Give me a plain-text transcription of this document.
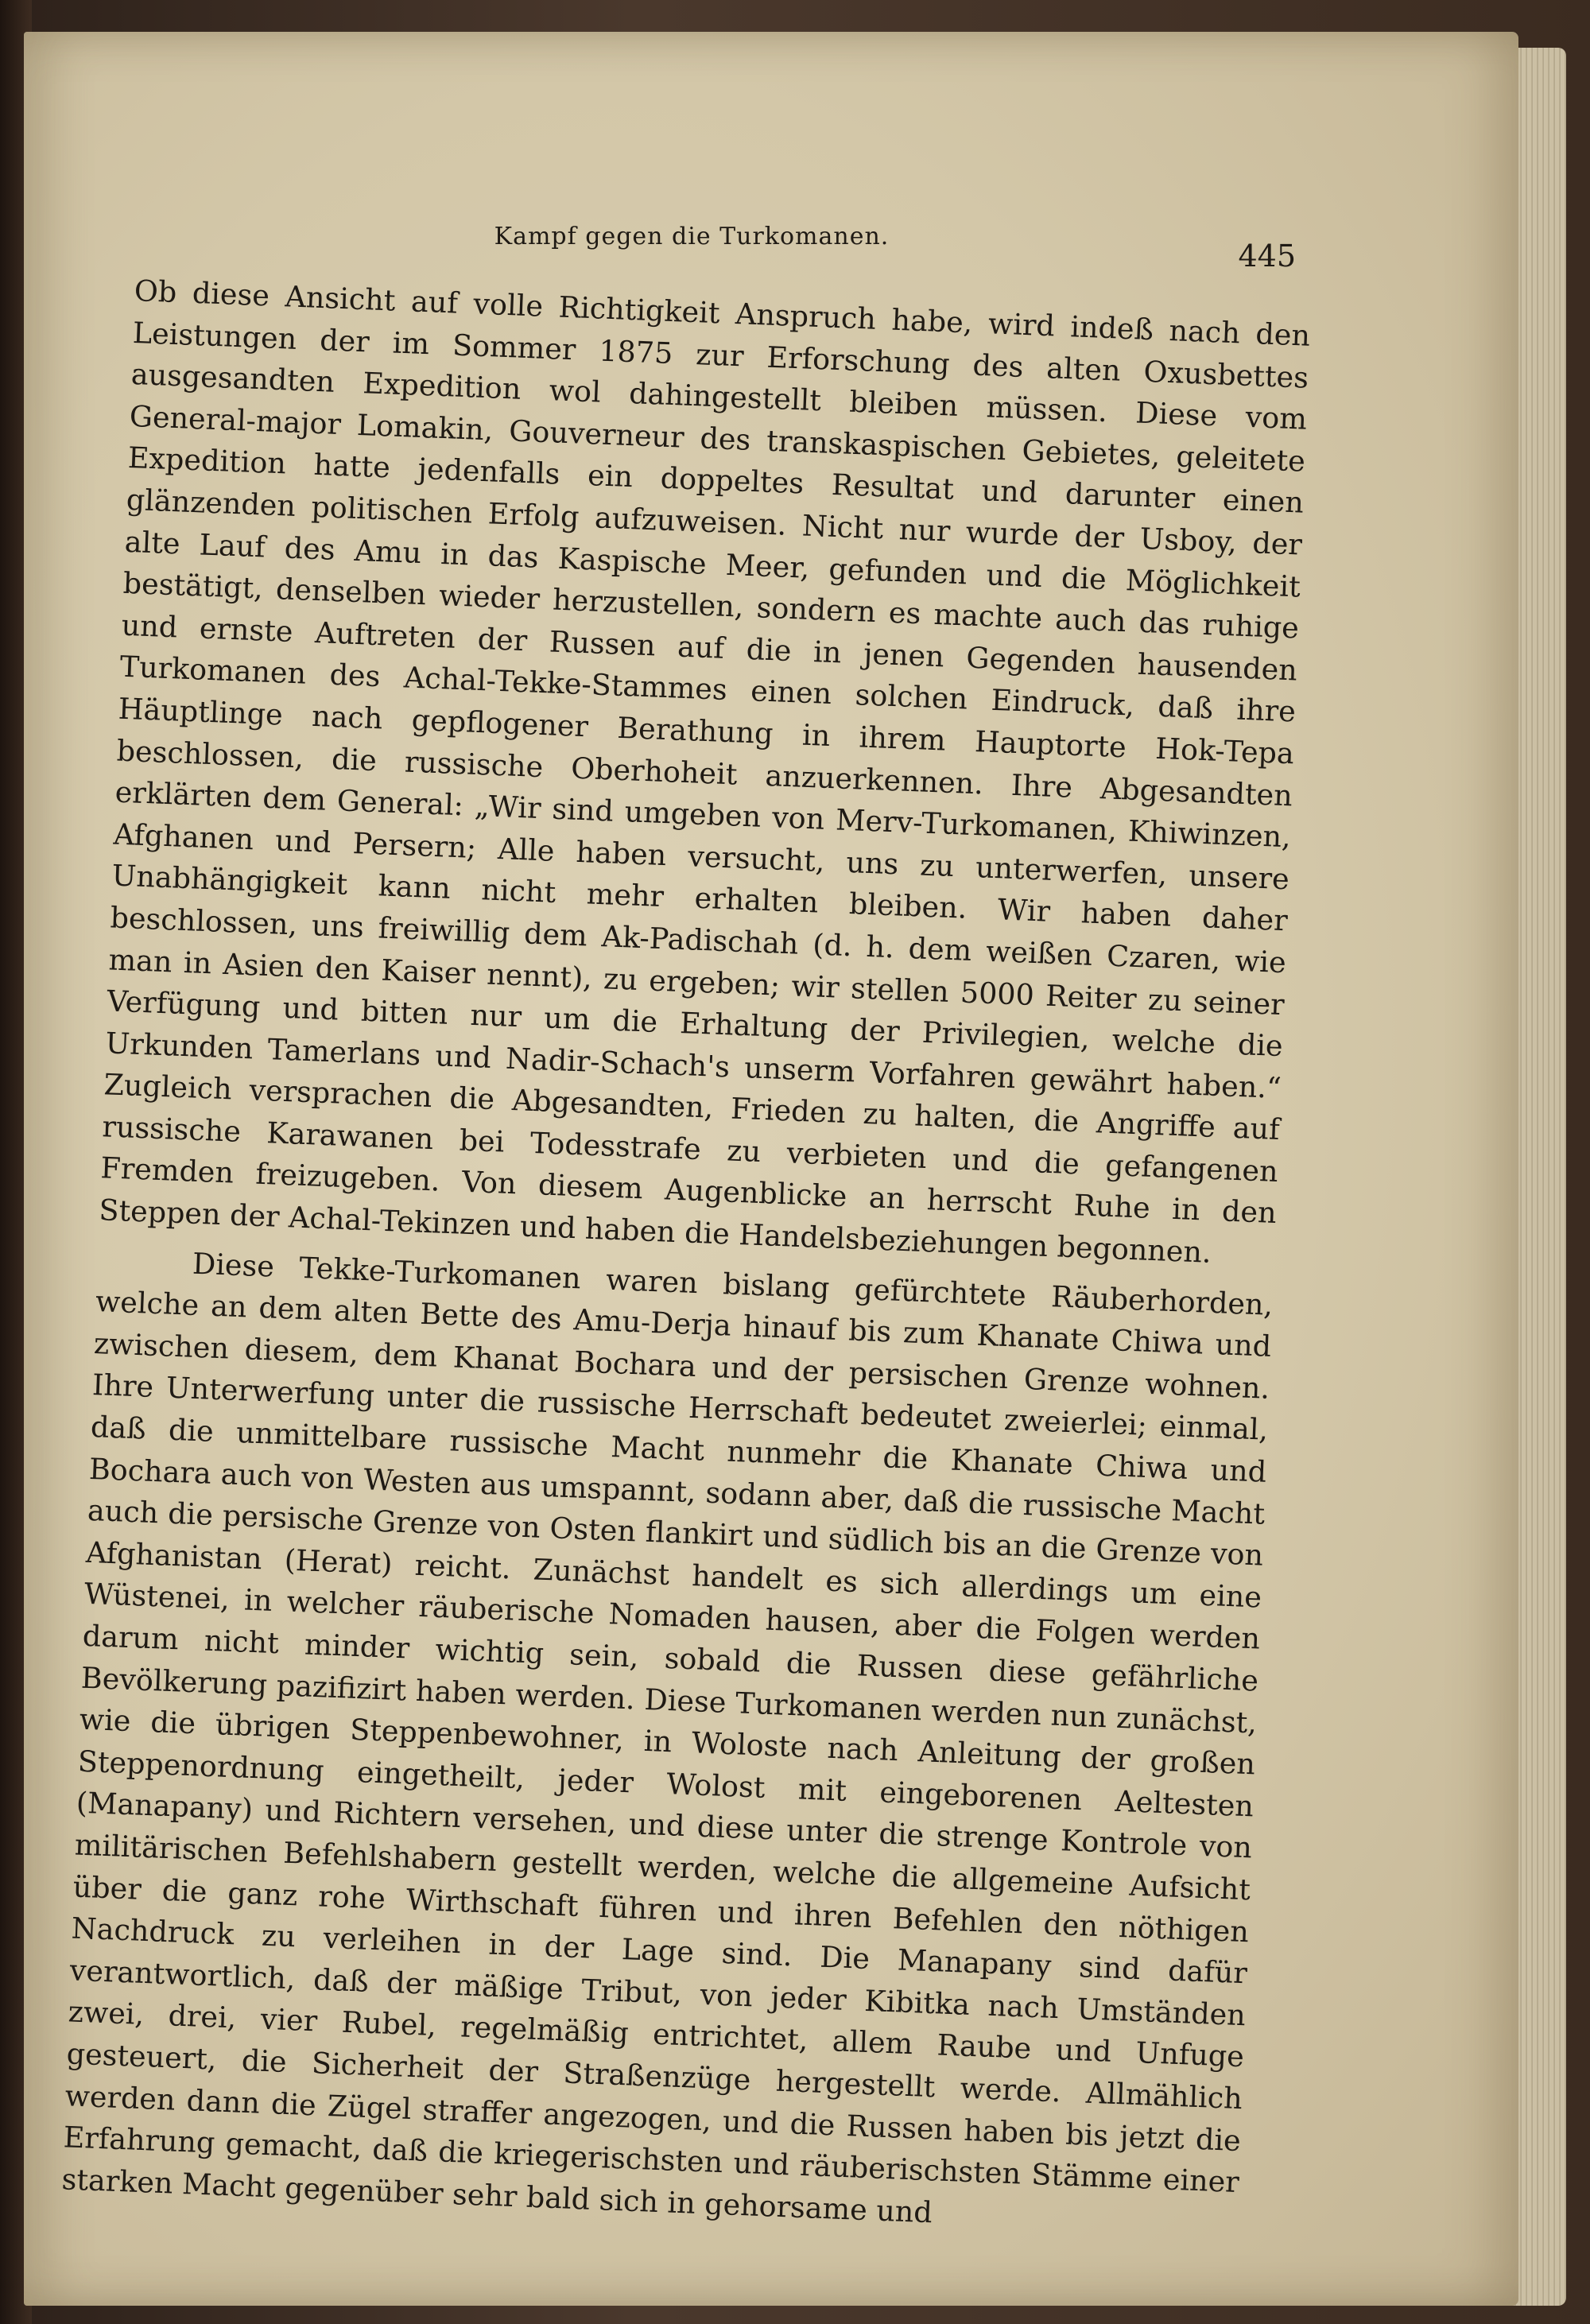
Kampf gegen die Turkomanen.
445

Ob diese Ansicht auf volle Richtigkeit Anspruch habe, wird indeß nach den Leistungen der im Sommer 1875 zur Erforschung des alten Oxusbettes ausgesandten Expedition wol dahingestellt bleiben müssen. Diese vom General-major Lomakin, Gouverneur des transkaspischen Gebietes, geleitete Expedition hatte jedenfalls ein doppeltes Resultat und darunter einen glänzenden politischen Erfolg aufzuweisen. Nicht nur wurde der Usboy, der alte Lauf des Amu in das Kaspische Meer, gefunden und die Möglichkeit bestätigt, denselben wieder herzustellen, sondern es machte auch das ruhige und ernste Auftreten der Russen auf die in jenen Gegenden hausenden Turkomanen des Achal-Tekke-Stammes einen solchen Eindruck, daß ihre Häuptlinge nach gepflogener Berathung in ihrem Hauptorte Hok-Tepa beschlossen, die russische Oberhoheit anzuerkennen. Ihre Abgesandten erklärten dem General: „Wir sind umgeben von Merv-Turkomanen, Khiwinzen, Afghanen und Persern; Alle haben versucht, uns zu unterwerfen, unsere Unabhängigkeit kann nicht mehr erhalten bleiben. Wir haben daher beschlossen, uns freiwillig dem Ak-Padischah (d. h. dem weißen Czaren, wie man in Asien den Kaiser nennt), zu ergeben; wir stellen 5000 Reiter zu seiner Verfügung und bitten nur um die Erhaltung der Privilegien, welche die Urkunden Tamerlans und Nadir-Schach's unserm Vorfahren gewährt haben.“ Zugleich versprachen die Abgesandten, Frieden zu halten, die Angriffe auf russische Karawanen bei Todesstrafe zu verbieten und die gefangenen Fremden freizugeben. Von diesem Augenblicke an herrscht Ruhe in den Steppen der Achal-Tekinzen und haben die Handelsbeziehungen begonnen.

Diese Tekke-Turkomanen waren bislang gefürchtete Räuberhorden, welche an dem alten Bette des Amu-Derja hinauf bis zum Khanate Chiwa und zwischen diesem, dem Khanat Bochara und der persischen Grenze wohnen. Ihre Unterwerfung unter die russische Herrschaft bedeutet zweierlei; einmal, daß die unmittelbare russische Macht nunmehr die Khanate Chiwa und Bochara auch von Westen aus umspannt, sodann aber, daß die russische Macht auch die persische Grenze von Osten flankirt und südlich bis an die Grenze von Afghanistan (Herat) reicht. Zunächst handelt es sich allerdings um eine Wüstenei, in welcher räuberische Nomaden hausen, aber die Folgen werden darum nicht minder wichtig sein, sobald die Russen diese gefährliche Bevölkerung pazifizirt haben werden. Diese Turkomanen werden nun zunächst, wie die übrigen Steppenbewohner, in Woloste nach Anleitung der großen Steppenordnung eingetheilt, jeder Wolost mit eingeborenen Aeltesten (Manapany) und Richtern versehen, und diese unter die strenge Kontrole von militärischen Befehlshabern gestellt werden, welche die allgemeine Aufsicht über die ganz rohe Wirthschaft führen und ihren Befehlen den nöthigen Nachdruck zu verleihen in der Lage sind. Die Manapany sind dafür verantwortlich, daß der mäßige Tribut, von jeder Kibitka nach Umständen zwei, drei, vier Rubel, regelmäßig entrichtet, allem Raube und Unfuge gesteuert, die Sicherheit der Straßenzüge hergestellt werde. Allmählich werden dann die Zügel straffer angezogen, und die Russen haben bis jetzt die Erfahrung gemacht, daß die kriegerischsten und räuberischsten Stämme einer starken Macht gegenüber sehr bald sich in gehorsame und
